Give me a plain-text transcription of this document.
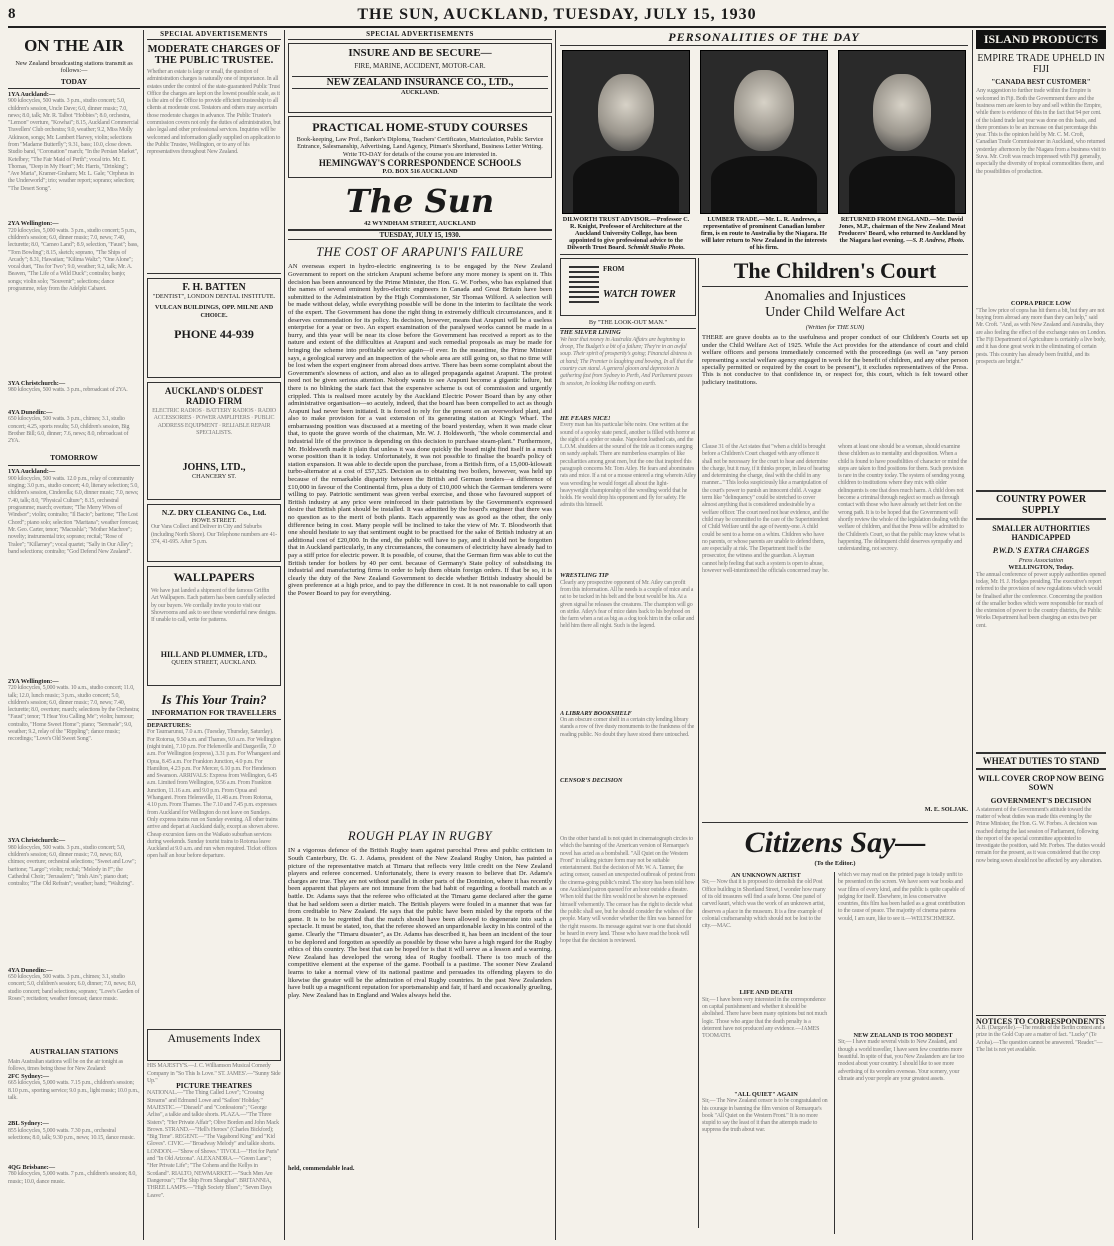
8	THE SUN, AUCKLAND, TUESDAY, JULY 15, 1930
ON THE AIR
New Zealand broadcasting stations transmit as follows:—
TODAY
1YA Auckland:—
900 kilocycles, 500 watts. 3 p.m., studio concert; 5.0, children's session, Uncle Dave; 6.0, dinner music; 7.0, news; 8.0, talk; Mr. R. Talbot "Hobbies"; 8.0, orchestra, "Lemon" overture, "Kowhai"; 8.15, Auckland Commercial Travellers' Club orchestra; 9.0, weather; 9.2, Miss Molly Atkinson, songs; Mr. Lambert Harvey, violin; selections from "Madame Butterfly"; 9.31, bass; 10.0, close down. Studio band, "Coronation" march; "In the Persian Market", Ketelbey; "The Fair Maid of Perth"; vocal trio. Mr. E. Thomas, "Deep in My Heart"; Mr. Harris, "Drinking"; "Ave Maria", Kramer-Graham; Mr. L. Gale; "Orpheus in the Underworld"; trio; weather report; soprano; selection; "The Desert Song".
2YA Wellington:—
720 kilocycles, 5,000 watts. 3 p.m., studio concert; 5 p.m., children's session; 6.0, dinner music; 7.0, news; 7.40, lecturette; 8.0, "Cameo Land"; 8.9, selection, "Faust"; bass, "Tom Bowling"; 8.15, sketch; soprano, "The Ships of Arcady"; 8.31, Hawaiian; "Kilima Waltz"; "One Alone"; vocal duet, "Tea for Two"; 9.0, weather; 9.2, talk; Mr. A. Beaven, "The Life of a Wild Duck"; contralto; banjo; songs; violin solo; "Souvenir"; selections; dance programme, relay from the Adelphi Cabaret.
3YA Christchurch:—
980 kilocycles, 500 watts. 3 p.m., rebroadcast of 2YA.
4YA Dunedin:—
650 kilocycles, 500 watts. 3 p.m., chimes; 3.1, studio concert; 4.25, sports results; 5.0, children's session, Big Brother Bill; 6.0, dinner; 7.6, news; 8.0, rebroadcast of 2YA.
TOMORROW
1YA Auckland:—
900 kilocycles, 500 watts. 12.0 p.m., relay of community singing; 3.0 p.m., studio concert; 4.0, literary selection; 5.0, children's session, Cinderella; 6.0, dinner music; 7.0, news; 7.40, talk; 8.0, "Physical Culture"; 8.15, orchestral programme; march; overture; "The Merry Wives of Windsor"; violin; contralto; "Il Bacio"; baritone; "The Lost Chord"; piano solo; selection "Maritana"; weather forecast; Mr. Geo. Carter, tenor; "Macushla"; "Mother Machree"; novelty; instrumental trio; soprano; recital; "Rose of Tralee"; "Killarney"; vocal quartet; "Sally in Our Alley"; band selections; contralto; "God Defend New Zealand".
2YA Wellington:—
720 kilocycles, 5,000 watts. 10 a.m., studio concert; 11.0, talk; 12.0, lunch music; 3 p.m., studio concert; 5.0, children's session; 6.0, dinner music; 7.0, news; 7.40, lecturette; 8.0, overture; march; selections by the Orchestra; "Faust"; tenor; "I Hear You Calling Me"; violin; humour; contralto, "Home Sweet Home"; piano; "Serenade"; 9.0, weather; 9.2, relay of the "Rippling"; dance music; recordings; "Love's Old Sweet Song".
3YA Christchurch:—
980 kilocycles, 500 watts. 3 p.m., studio concert; 5.0, children's session; 6.0, dinner music; 7.0, news; 8.0, chimes; overture; orchestral selections; "Sweet and Low"; baritone; "Largo"; violin; recital; "Melody in F"; the Cathedral Choir; "Jerusalem"; "Irish Airs"; piano duet; contralto; "The Old Refrain"; weather; band; "Waltzing".
4YA Dunedin:—
650 kilocycles, 500 watts. 3 p.m., chimes; 3.1, studio concert; 5.0, children's session; 6.0, dinner; 7.0, news; 8.0, studio concert; band selections; soprano; "Love's Garden of Roses"; recitation; weather forecast; dance music.
AUSTRALIAN STATIONS
Main Australian stations will be on the air tonight as follows, times being those for New Zealand:
2FC Sydney:—
665 kilocycles, 5,000 watts. 7.15 p.m., children's session; 8.10 p.m., sporting service; 9.0 p.m., light music; 10.0 p.m., talk.
2BL Sydney:—
855 kilocycles, 5,000 watts. 7.30 p.m., orchestral selections; 8.0, talk; 9.30 p.m., news; 10.15, dance music.
4QG Brisbane:—
780 kilocycles, 5,000 watts. 7 p.m., children's session; 8.0, music; 10.0, dance music.
SPECIAL ADVERTISEMENTS
MODERATE CHARGES OF THE PUBLIC TRUSTEE.
Whether an estate is large or small, the question of administration charges is naturally one of importance. In all estates under the control of the state-guaranteed Public Trust Office the charges are kept on the lowest possible scale, as it is the aim of the Office to provide efficient trusteeship to all clients at moderate cost. Testators and others may ascertain those moderate charges in advance. The Public Trustee's commission covers not only the duties of administration, but also legal and other professional services. Inquiries will be welcomed and information gladly supplied on application to the Public Trustee, Wellington, or to any of his representatives throughout New Zealand.
F. H. BATTEN
"DENTIST", LONDON DENTAL INSTITUTE.
VULCAN BUILDINGS, OPP. MILNE AND CHOICE.
PHONE 44-939
AUCKLAND'S OLDEST RADIO FIRM
ELECTRIC RADIOS · BATTERY RADIOS · RADIO ACCESSORIES · POWER AMPLIFIERS · PUBLIC ADDRESS EQUIPMENT · RELIABLE REPAIR SPECIALISTS.
JOHNS, LTD.,
CHANCERY ST.
N.Z. DRY CLEANING Co., Ltd.
HOWE STREET.
Our Vans Collect and Deliver in City and Suburbs (including North Shore). Our Telephone numbers are 41-374, 41-695. After 5 p.m.
WALLPAPERS
We have just landed a shipment of the famous Griffin Art Wallpapers. Each pattern has been carefully selected by our buyers. We cordially invite you to visit our Showrooms and ask to see these wonderful new designs. If unable to call, write for patterns.
HILL AND PLUMMER, LTD.,
QUEEN STREET, AUCKLAND.
Is This Your Train?
INFORMATION FOR TRAVELLERS
DEPARTURES:
For Taumarunui, 7.0 a.m. (Tuesday, Thursday, Saturday). For Rotorua, 9.50 a.m. and Thames, 9.0 a.m. For Wellington (night train), 7.10 p.m. For Helensville and Dargaville, 7.0 a.m. For Wellington (express), 3.31 p.m. For Whangarei and Opua, 8.45 a.m. For Frankton Junction, 4.0 p.m. For Hamilton, 4.23 p.m. For Mercer, 6.10 p.m. For Henderson and Swanson. ARRIVALS: Express from Wellington, 6.45 a.m. Limited from Wellington, 9.56 a.m. From Frankton Junction, 11.16 a.m. and 9.0 p.m. From Opua and Whangarei. From Helensville, 11.48 a.m. From Rotorua, 4.10 p.m. From Thames. The 7.10 and 7.45 p.m. expresses from Auckland for Wellington do not leave on Sundays. Only express trains run on Sunday evening. All other trains arrive and depart at Auckland daily, except as shown above. Cheap excursion fares on the Waikato suburban services during weekends. Sunday tourist trains to Rotorua leave Auckland at 9.0 a.m. and run when required. Ticket offices open half an hour before departure.
Amusements Index
HIS MAJESTY'S.—J. C. Williamson Musical Comedy Company in "So This Is Love." ST. JAMES'.—"Sunny Side Up."
PICTURE THEATRES
NATIONAL.—"The Thing Called Love"; "Crossing Streams" and Edmund Lowe and "Sailors' Holiday." MAJESTIC.—"Disraeli" and "Confessions"; "George Arliss", a talkie and talkie shorts. PLAZA.—"The Three Sisters"; "Her Private Affair"; Olive Borden and John Mack Brown. STRAND.—"Hell's Heroes" (Charles Bickford); "Big Time". REGENT.—"The Vagabond King" and "Kid Gloves". CIVIC.—"Broadway Melody" and talkie shorts. LONDON.—"Show of Shows." TIVOLI.—"Hot for Paris" and "In Old Arizona". ALEXANDRA.—"Green Lane"; "Her Private Life"; "The Cohens and the Kellys in Scotland". RIALTO, NEWMARKET.—"Such Men Are Dangerous"; "The Ship From Shanghai". BRITANNIA, THREE LAMPS.—"High Society Blues"; "Seven Days Leave".
SPECIAL ADVERTISEMENTS
INSURE AND BE SECURE—
FIRE, MARINE, ACCIDENT, MOTOR-CAR.
NEW ZEALAND INSURANCE CO., LTD.,
AUCKLAND.
PRACTICAL HOME-STUDY COURSES
Book-keeping, Law Prof., Banker's Diploma, Teachers' Certificates, Matriculation, Public Service Entrance, Salesmanship, Advertising, Land Agency, Pitman's Shorthand, Business Letter Writing.
Write TO-DAY for details of the course you are interested in.
HEMINGWAY'S CORRESPONDENCE SCHOOLS
P.O. BOX 516 AUCKLAND
The Sun
42 WYNDHAM STREET, AUCKLAND
TUESDAY, JULY 15, 1930.
THE COST OF ARAPUNI'S FAILURE
AN overseas expert in hydro-electric engineering is to be engaged by the New Zealand Government to report on the stricken Arapuni scheme before any more money is spent on it. This decision has been announced by the Prime Minister, the Hon. G. W. Forbes, who has explained that the names of several eminent hydro-electric engineers in Canada and Great Britain have been submitted to the Administration by the High Commissioner, Sir Thomas Wilford. A selection will be made without delay, while everything possible will be done in the interim to facilitate the work of the expert. The Government has done the right thing in extremely difficult circumstances, and it deserves commendation for its policy. Its decision, however, means that Arapuni will be a useless enterprise for a year or two. An expert examination of the paralysed works cannot be made in a hurry, and this year will be near its close before the Government has received a report as to the nature and extent of the difficulties at Arapuni and such remedial proposals as may be made for bringing the scheme into profitable service again—if ever. In the meantime, the Prime Minister says, a geological survey and an inspection of the whole area are still going on, so that no time will be lost when the expert engineer from abroad does arrive. There has been some complaint about the Government's slowness of action, and also as to alleged propaganda against Arapuni. The protest need not be given serious attention. Nobody wants to see Arapuni become a gigantic failure, but there is no blinking the stark fact that the expensive scheme is out of commission and urgently crippled. This is realised more acutely by the Auckland Electric Power Board than by any other administrative organisation—so acutely, indeed, that the board has been compelled to act as though Arapuni had never been initiated. It is forced to rely for the present on an overworked plant, and also to make provision for a vast extension of its generating station at King's Wharf. The embarrassing position was discussed at a meeting of the board yesterday, when it was made clear that, to quote the grave words of the chairman, Mr. W. J. Holdsworth, "the whole commercial and industrial life of the province is depending on this decision to purchase steam-plant." Furthermore, Mr. Holdsworth made it plain that unless it was done quickly the board might find itself in a much worse position than it is today. Unfortunately, it was not possible to finalise the board's policy of station expansion. It was able to decide upon the purchase, from a British firm, of a 15,000-kilowatt turbo-alternator at a cost of £57,325. Decision as to obtaining two boilers, however, was held up because of the remarkable disparity between the British and German tenders—a difference of £10,000 in favour of the Continental firm, plus a duty of £10,000 which the German tenderers were willing to pay. Patriotic sentiment was given verbal exercise, and those who favoured support of British industry at any price were reinforced in their patriotism by the Government's expressed desire that British plant should be installed. It was admitted by the board's engineer that there was no question as to the merit of both plants. Each apparently was as good as the other, the only difference being in cost. Many people will be inclined to take the view of Mr. T. Bloodworth that one should hesitate to say that sentiment ought to be practised for the sake of British industry at an additional cost of £20,000. In the end, the public will have to pay, and it should not be forgotten that in Auckland particularly, in any circumstances, the consumers of electricity have already had to pay a stiff price for electric power. It is possible, of course, that the German firm was able to cut the British tender for boilers by 40 per cent. because of Germany's State policy of subsidising its industrial and manufacturing firms in order to help them obtain foreign orders. If that be so, it is clearly the duty of the New Zealand Government to decide whether British industry should be given preference at a high price, and to pay the difference in cost. It is not reasonable to call upon the Power Board to pay for everything.
ROUGH PLAY IN RUGBY
IN a vigorous defence of the British Rugby team against parochial Press and public criticism in South Canterbury, Dr. G. J. Adams, president of the New Zealand Rugby Union, has painted a picture of the representative match at Timaru that reflects very little credit on the New Zealand players and referee concerned. Unfortunately, there is every reason to believe that Dr. Adams's charges are true. They are not without parallel in other parts of the Dominion, where it has recently been apparent that players are not immune from the bad habit of regarding a football match as a battle. Dr. Adams says that the referee who officiated at the Timaru game declared after the game that he had seldom seen a dirtier match. The British players were fouled in a manner that was far from creditable to New Zealand. He says that the public have been misled by the reports of the game. It is to be regretted that the match should have been allowed to degenerate into such a spectacle. It must be stated, too, that the referee showed an unpardonable laxity in his control of the game. Clearly the "Timaru disaster", as Dr. Adams has described it, has been an incident of the tour to be deplored and forgotten as speedily as possible by those who have a high regard for the Rugby ethics of this country. The best that can be hoped for is that it will serve as a lesson and a warning. New Zealand has developed the wrong idea of Rugby football. There is too much of the competitive element at the expense of the game. Football is a pastime. The sooner New Zealand learns to take a normal view of its national pastime and persuades its offending players to do likewise the greater will be the admiration of rival Rugby countries. In the past New Zealanders have built up a magnificent reputation for sportsmanship and fair, if hard and occasionally grueling, play. New Zealand has in England and Wales always held the.
held, commendable lead.
PERSONALITIES OF THE DAY
DILWORTH TRUST ADVISOR.—Professor C. R. Knight, Professor of Architecture at the Auckland University College, has been appointed to give professional advice to the Dilworth Trust Board. Schmidt Studio Photo.
LUMBER TRADE.—Mr. L. R. Andrews, a representative of prominent Canadian lumber firm, is en route to Australia by the Niagara. He will later return to New Zealand in the interests of his firm.
RETURNED FROM ENGLAND.—Mr. David Jones, M.P., chairman of the New Zealand Meat Producers' Board, who returned to Auckland by the Niagara last evening. —S. P. Andrew, Photo.
FROM
WATCH TOWER
By "THE LOOK-OUT MAN."
THE SILVER LINING
We hear that money in Australia Affairs are beginning to droop, The Budget's a bit of a failure; They're in an awful soup. Their spirit of prosperity's going; Financial distress is at hand; The Premier is laughing and bowing, In all that the country can stand. A general gloom and depression Is gathering fast from Sydney to Perth, And Parliament passes its session, In looking like nothing on earth.
HE FEARS NICE!
Every man has his particular bête noire. One written at the sound of a spooky state pencil, another is filled with horror at the sight of a spider or snake. Napoleon loathed cats, and the L.O.M. shudders at the sound of the tide as it comes surging on sandy asphalt. There are numberless examples of like peculiarities among great men, but the one that inspired this paragraph concerns Mr. Tom Atley. He fears and abominates rats and mice. If a rat or a mouse entered a ring wherein Atley was wrestling he would forget all about the light-heavyweight championship of the wrestling world that he holds. He would drop his opponent and fly for safety. He admits this himself.
WRESTLING TIP
Clearly any prospective opponent of Mr. Atley can profit from this information. All he needs is a couple of mice and a rat to be tucked in his belt and the bout would be his. At a given signal he releases the creatures. The champion will go on strike. Atley's fear of mice dates back to his boyhood on the farm when a rat as big as a dog took him in the cellar and held him there all night. Such is the legend.
A LIBRARY BOOKSHELF
On an obscure corner shelf in a certain city lending library stands a row of five dusty monuments to the frankness of the reading public. No doubt they have stood there untouched.
CENSOR'S DECISION
On the other hand all is not quiet in cinematograph circles to which the banning of the American version of Remarque's novel has acted as a bombshell. "All Quiet on the Western Front" in talking picture form may not be suitable entertainment. But the decision of Mr. W. A. Tanner, the acting censor, caused an unexpected outbreak of protest from the cinema-going public's mind. The story has been told how one Auckland patron queued for an hour outside a theatre. When told that the film would not be shown he expressed himself vehemently. The censor has the right to decide what the public shall see, but he should consider the wishes of the people. Many will wonder whether the film was banned for the right reasons. Its message against war is one that should be heard in every land. Those who have read the book will hope that the decision is reviewed.
The Children's Court
Anomalies and Injustices
Under Child Welfare Act
(Written for THE SUN)
THERE are grave doubts as to the usefulness and proper conduct of our Children's Courts set up under the Child Welfare Act of 1925. While the Act provides for the attendance of court and child welfare officers and persons immediately concerned with the proceedings (as well as "any person representing a social welfare agency engaged in work for the benefit of children, and any other person specially permitted or required by the court to be present"), it excludes representatives of the Press. This is not conducive to that confidence in, or respect for, this court, which is felt toward other judiciary institutions.
Clause 31 of the Act states that "when a child is brought before a Children's Court charged with any offence it shall not be necessary for the court to hear and determine the charge, but it may, if it thinks proper, in lieu of hearing and determining the charge, deal with the child in any manner..." This looks suspiciously like a manipulation of the court's power to punish an innocent child. A vague term like "delinquency" could be stretched to cover almost anything that is considered undesirable by a welfare officer. The court need not hear evidence, and the child may be committed to the care of the Superintendent of Child Welfare until the age of twenty-one. A child could be sent to a home on a whim. Children who have no parents, or whose parents are unable to defend them, are especially at risk. The Department itself is the prosecutor, the witness and the guardian. A layman cannot help feeling that such a system is open to abuse, however well-intentioned the officials concerned may be.
whom at least one should be a woman, should examine these children as to mentality and disposition. When a child is found to have possibilities of character or mind the steps are taken to find positions for them. Such provision is rare in the country today. The system of sending young children to institutions where they mix with older delinquents is one that does much harm. A child does not become a criminal through neglect so much as through contact with those who have already set their feet on the wrong path. It is to be hoped that the Government will shortly review the whole of the legislation dealing with the welfare of children, and that the Press will be admitted to the Children's Court, so that the public may know what is happening. The delinquent child deserves sympathy and understanding, not secrecy.
M. E. SOLJAK.
Citizens Say—
(To the Editor.)
AN UNKNOWN ARTIST
Sir,— Now that it is proposed to demolish the old Post Office building in Shortland Street, I wonder how many of its old treasures will find a safe home. One panel of carved kauri, which was the work of an unknown artist, deserves a place in the museum. It is a fine example of colonial craftsmanship which should not be lost to the city.—MAC.
LIFE AND DEATH
Sir,— I have been very interested in the correspondence on capital punishment and whether it should be abolished. There have been many opinions but not much logic. Those who argue that the death penalty is a deterrent have not produced any evidence.—JAMES TOOMATH.
"ALL QUIET" AGAIN
Sir,— The New Zealand censor is to be congratulated on his courage in banning the film version of Remarque's book "All Quiet on the Western Front." It is no more stupid to say the least of it than the attempts made to suppress the truth about war.
which we may read on the printed page is totally unfit to be presented on the screen. We have seen war books and war films of every kind, and the public is quite capable of judging for itself. Elsewhere, in less conservative countries, this film has been hailed as a great contribution to the cause of peace. The majority of cinema patrons would, I am sure, like to see it.—WELTSCHMERZ.
NEW ZEALAND IS TOO MODEST
Sir,— I have made several visits to New Zealand, and though a world traveller, I have seen few countries more beautiful. In spite of that, you New Zealanders are far too modest about your country. I should like to see more advertising of its wonders overseas. Your scenery, your climate and your people are your greatest assets.
ISLAND PRODUCTS
EMPIRE TRADE UPHELD IN FIJI
"CANADA BEST CUSTOMER"
Any suggestion to further trade within the Empire is welcomed in Fiji. Both the Government there and the business men are keen to buy and sell within the Empire, while there is evidence of this in the fact that 94 per cent. of the island trade last year was done on this basis, and there promises to be an increase on that percentage this year. This is the opinion held by Mr. C. M. Croft, Canadian Trade Commissioner in Auckland, who returned yesterday afternoon by the Niagara from a business visit to Suva. Mr. Croft was much impressed with Fiji generally, especially the diversity of tropical commodities there, and the possibilities of production.
COPRA PRICE LOW
"The low price of copra has hit them a bit, but they are not buying from abroad any more than they can help," said Mr. Croft. "And, as with New Zealand and Australia, they are also feeling the effect of the exchange rates on London. The Fiji Department of Agriculture is certainly a live body, and it has done great work in the eliminating of certain pests. This country has already been fruitful, and its prospects are bright."
COUNTRY POWER SUPPLY
SMALLER AUTHORITIES HANDICAPPED
P.W.D.'S EXTRA CHARGES
Press Association
WELLINGTON, Today.
The annual conference of power supply authorities opened today, Mr. H. J. Hodges presiding. The executive's report referred to the provision of new regulations which would be finalised after the conference. Concerning the position of the smaller bodies which were responsible for much of the extension of power to the country districts, the Public Works Department had been charging an extra two per cent.
WHEAT DUTIES TO STAND
WILL COVER CROP NOW BEING SOWN
GOVERNMENT'S DECISION
A statement of the Government's attitude toward the matter of wheat duties was made this evening by the Prime Minister, the Hon. G. W. Forbes. A decision was reached during the last session of Parliament, following the report of the special committee appointed to investigate the position, said Mr. Forbes. The duties would remain for the present, as it was considered that the crop now being sown should not be affected by any alteration.
NOTICES TO CORRESPONDENTS
A.B. (Dargaville).—The results of the Berlin contest and a prize in the Gold Cup are a matter of fact. "Lucky" (Te Aroha).—The question cannot be answered. "Reader."—The list is not yet available.
